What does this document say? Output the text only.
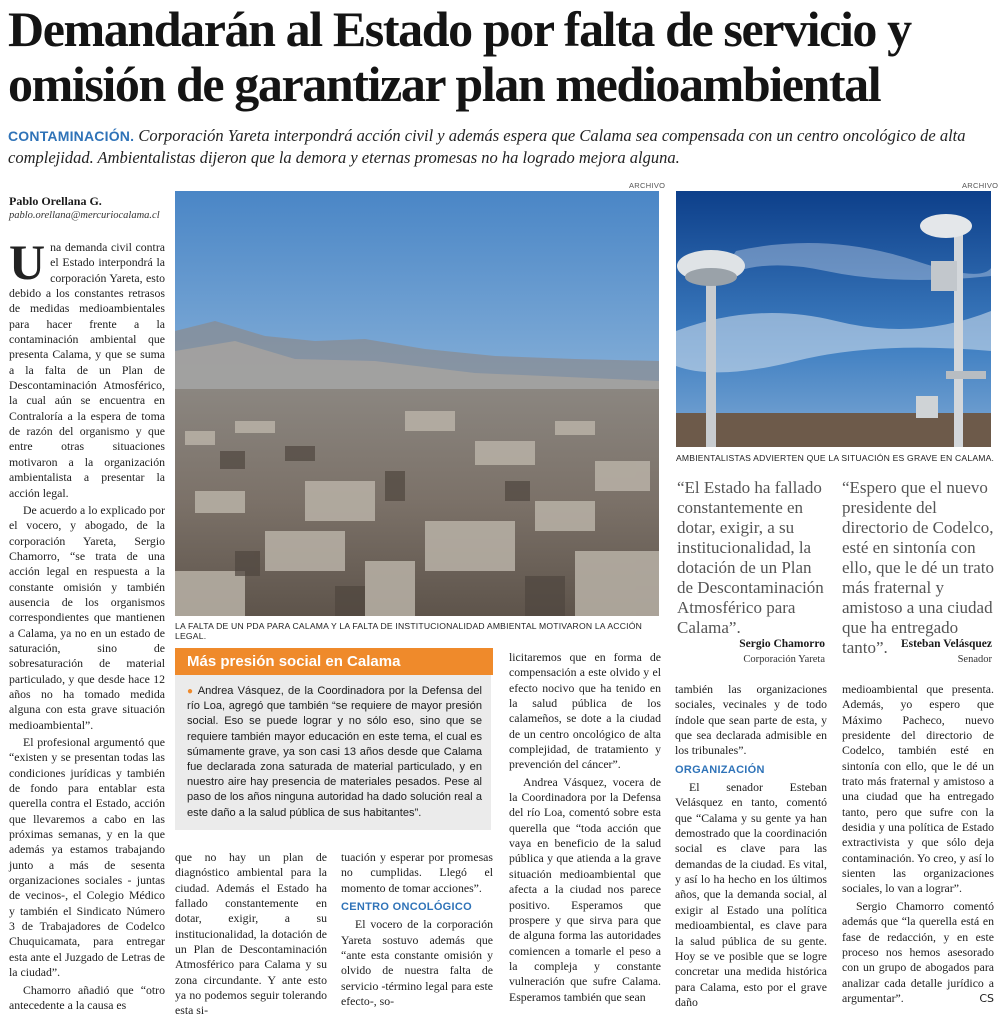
Demandarán al Estado por falta de servicio y
omisión de garantizar plan medioambiental
CONTAMINACIÓN. Corporación Yareta interpondrá acción civil y además espera que Calama sea compensada con un centro oncológico de alta complejidad. Ambientalistas dijeron que la demora y eternas promesas no ha logrado mejora alguna.
Pablo Orellana G.
pablo.orellana@mercuriocalama.cl

Una demanda civil contra el Estado interpondrá la corporación Yareta, esto debido a los constantes retrasos de medidas medioambientales para hacer frente a la contaminación ambiental que presenta Calama, y que se suma a la falta de un Plan de Descontaminación Atmosférico, la cual aún se encuentra en Contraloría a la espera de toma de razón del organismo y que entre otras situaciones motivaron a la organización ambientalista a presentar la acción legal.

De acuerdo a lo explicado por el vocero, y abogado, de la corporación Yareta, Sergio Chamorro, “se trata de una acción legal en respuesta a la constante omisión y también ausencia de los organismos correspondientes que mantienen a Calama, ya no en un estado de saturación, sino de sobresaturación de material particulado, y que desde hace 12 años no ha tomado medida alguna con esta grave situación medioambiental”.

El profesional argumentó que “existen y se presentan todas las condiciones jurídicas y también de fondo para entablar esta querella contra el Estado, acción que llevaremos a cabo en las próximas semanas, y en la que además ya estamos trabajando junto a más de sesenta organizaciones sociales - juntas de vecinos-, el Colegio Médico y también el Sindicato Número 3 de Trabajadores de Codelco Chuquicamata, para entregar esta ante el Juzgado de Letras de la ciudad”.

Chamorro añadió que “otro antecedente a la causa es

ARCHIVO
LA FALTA DE UN PDA PARA CALAMA Y LA FALTA DE INSTITUCIONALIDAD AMBIENTAL MOTIVARON LA ACCIÓN LEGAL.
ARCHIVO
AMBIENTALISTAS ADVIERTEN QUE LA SITUACIÓN ES GRAVE EN CALAMA.
“El Estado ha fallado constantemente en dotar, exigir, a su institucionalidad, la dotación de un Plan de Descontaminación Atmosférico para Calama”.
Sergio Chamorro
Corporación Yareta
“Espero que el nuevo presidente del directorio de Codelco, esté en sintonía con ello, que le dé un trato más fraternal y amistoso a una ciudad que ha entregado tanto”.	Esteban Velásquez
Senador
Más presión social en Calama
● Andrea Vásquez, de la Coordinadora por la Defensa del río Loa, agregó que también “se requiere de mayor presión social. Eso se puede lograr y no sólo eso, sino que se requiere también mayor educación en este tema, el cual es súmamente grave, ya son casi 13 años desde que Calama fue declarada zona saturada de material particulado, y en nuestro aire hay presencia de materiales pesados. Pese al paso de los años ninguna autoridad ha dado solución real a este daño a la salud pública de sus habitantes”.

que no hay un plan de diagnóstico ambiental para la ciudad. Además el Estado ha fallado constantemente en dotar, exigir, a su institucionalidad, la dotación de un Plan de Descontaminación Atmosférico para Calama y su zona circundante. Y ante esto ya no podemos seguir tolerando esta si-

tuación y esperar por promesas no cumplidas. Llegó el momento de tomar acciones”.

CENTRO ONCOLÓGICO

El vocero de la corporación Yareta sostuvo además que “ante esta constante omisión y olvido de nuestra falta de servicio -término legal para este efecto-, so-

licitaremos que en forma de compensación a este olvido y el efecto nocivo que ha tenido en la salud pública de los calameños, se dote a la ciudad de un centro oncológico de alta complejidad, de tratamiento y prevención del cáncer”.

Andrea Vásquez, vocera de la Coordinadora por la Defensa del río Loa, comentó sobre esta querella que “toda acción que vaya en beneficio de la salud pública y que atienda a la grave situación medioambiental que afecta a la ciudad nos parece positivo. Esperamos que prospere y que sirva para que de alguna forma las autoridades comiencen a tomarle el peso a la compleja y constante vulneración que sufre Calama. Esperamos también que sean

también las organizaciones sociales, vecinales y de todo índole que sean parte de esta, y que sea declarada admisible en los tribunales”.

ORGANIZACIÓN

El senador Esteban Velásquez en tanto, comentó que “Calama y su gente ya han demostrado que la coordinación social es clave para las demandas de la ciudad. Es vital, y así lo ha hecho en los últimos años, que la demanda social, al exigir al Estado una política medioambiental, es clave para la salud pública de su gente. Hoy se ve posible que se logre concretar una medida histórica para Calama, esto por el grave daño

medioambiental que presenta. Además, yo espero que Máximo Pacheco, nuevo presidente del directorio de Codelco, también esté en sintonía con ello, que le dé un trato más fraternal y amistoso a una ciudad que ha entregado tanto, pero que sufre con la desidia y una política de Estado extractivista y que sólo deja contaminación. Yo creo, y así lo sienten las organizaciones sociales, lo van a lograr”.

Sergio Chamorro comentó además que “la querella está en fase de redacción, y en este proceso nos hemos asesorado con un grupo de abogados para analizar cada detalle jurídico a argumentar”.	CS
